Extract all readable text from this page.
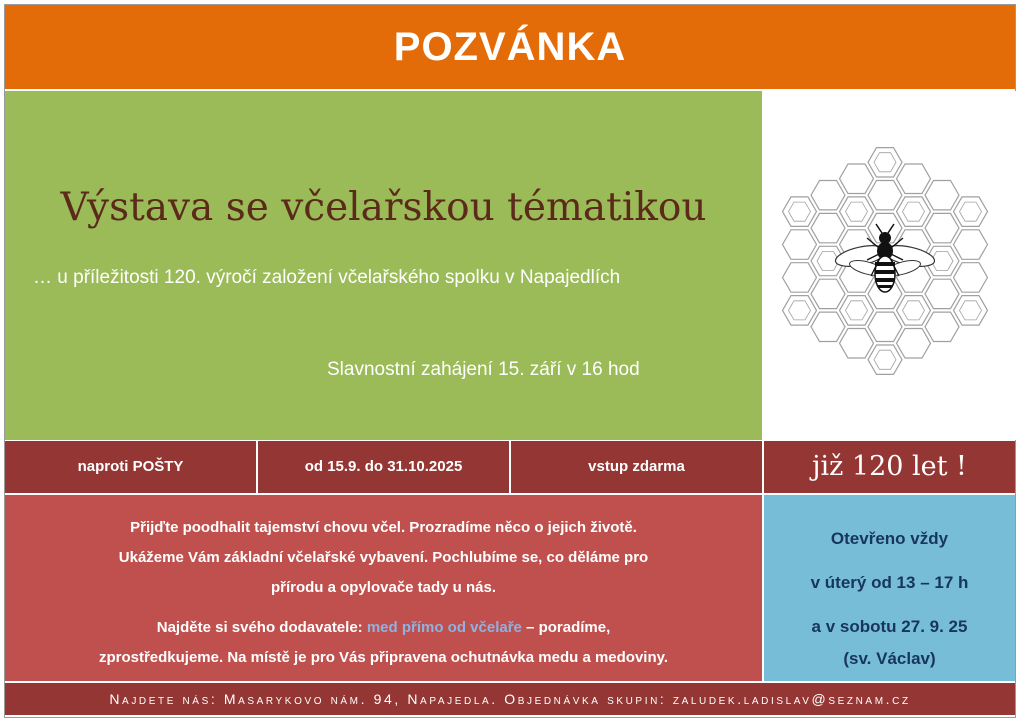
POZVÁNKA
Výstava se včelařskou tématikou
… u příležitosti 120. výročí založení včelařského spolku v Napajedlích
Slavnostní zahájení 15. září v 16 hod
naproti POŠTY	od 15.9. do 31.10.2025	vstup zdarma	již 120 let !

Přijďte poodhalit tajemství chovu včel. Prozradíme něco o jejich životě.

Ukážeme Vám základní včelařské vybavení. Pochlubíme se, co děláme pro

přírodu a opylovače tady u nás.

Najděte si svého dodavatele: med přímo od včelaře – poradíme,

zprostředkujeme. Na místě je pro Vás připravena ochutnávka medu a medoviny.

Otevřeno vždy
v úterý od 13 – 17 h
a v sobotu 27. 9. 25
(sv. Václav)
Najdete nás: Masarykovo nám. 94, Napajedla. Objednávka skupin: zaludek.ladislav@seznam.cz
